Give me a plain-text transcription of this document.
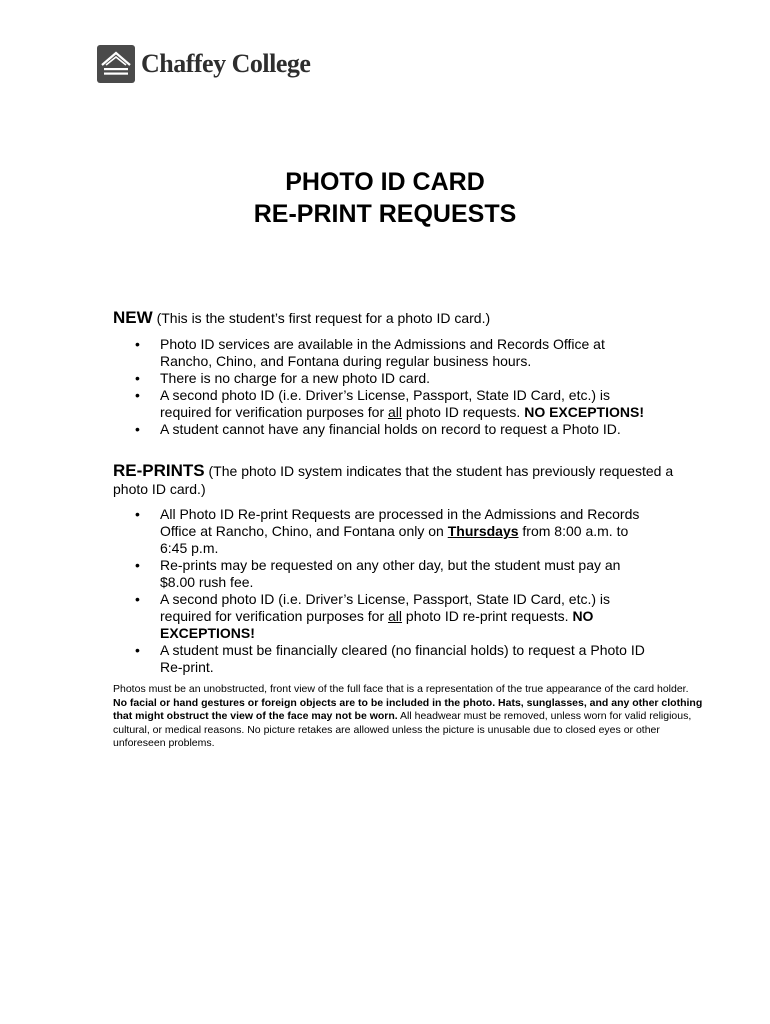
Chaffey College
PHOTO ID CARD
RE-PRINT REQUESTS

NEW (This is the student’s first request for a photo ID card.)

• Photo ID services are available in the Admissions and Records Office at Rancho, Chino, and Fontana during regular business hours.
• There is no charge for a new photo ID card.
• A second photo ID (i.e. Driver’s License, Passport, State ID Card, etc.) is required for verification purposes for all photo ID requests. NO EXCEPTIONS!
• A student cannot have any financial holds on record to request a Photo ID.

RE-PRINTS (The photo ID system indicates that the student has previously requested a photo ID card.)

• All Photo ID Re-print Requests are processed in the Admissions and Records Office at Rancho, Chino, and Fontana only on Thursdays from 8:00 a.m. to 6:45 p.m.
• Re-prints may be requested on any other day, but the student must pay an $8.00 rush fee.
• A second photo ID (i.e. Driver’s License, Passport, State ID Card, etc.) is required for verification purposes for all photo ID re-print requests. NO EXCEPTIONS!
• A student must be financially cleared (no financial holds) to request a Photo ID Re-print.

Photos must be an unobstructed, front view of the full face that is a representation of the true appearance of the card holder. No facial or hand gestures or foreign objects are to be included in the photo. Hats, sunglasses, and any other clothing that might obstruct the view of the face may not be worn. All headwear must be removed, unless worn for valid religious, cultural, or medical reasons. No picture retakes are allowed unless the picture is unusable due to closed eyes or other unforeseen problems.
